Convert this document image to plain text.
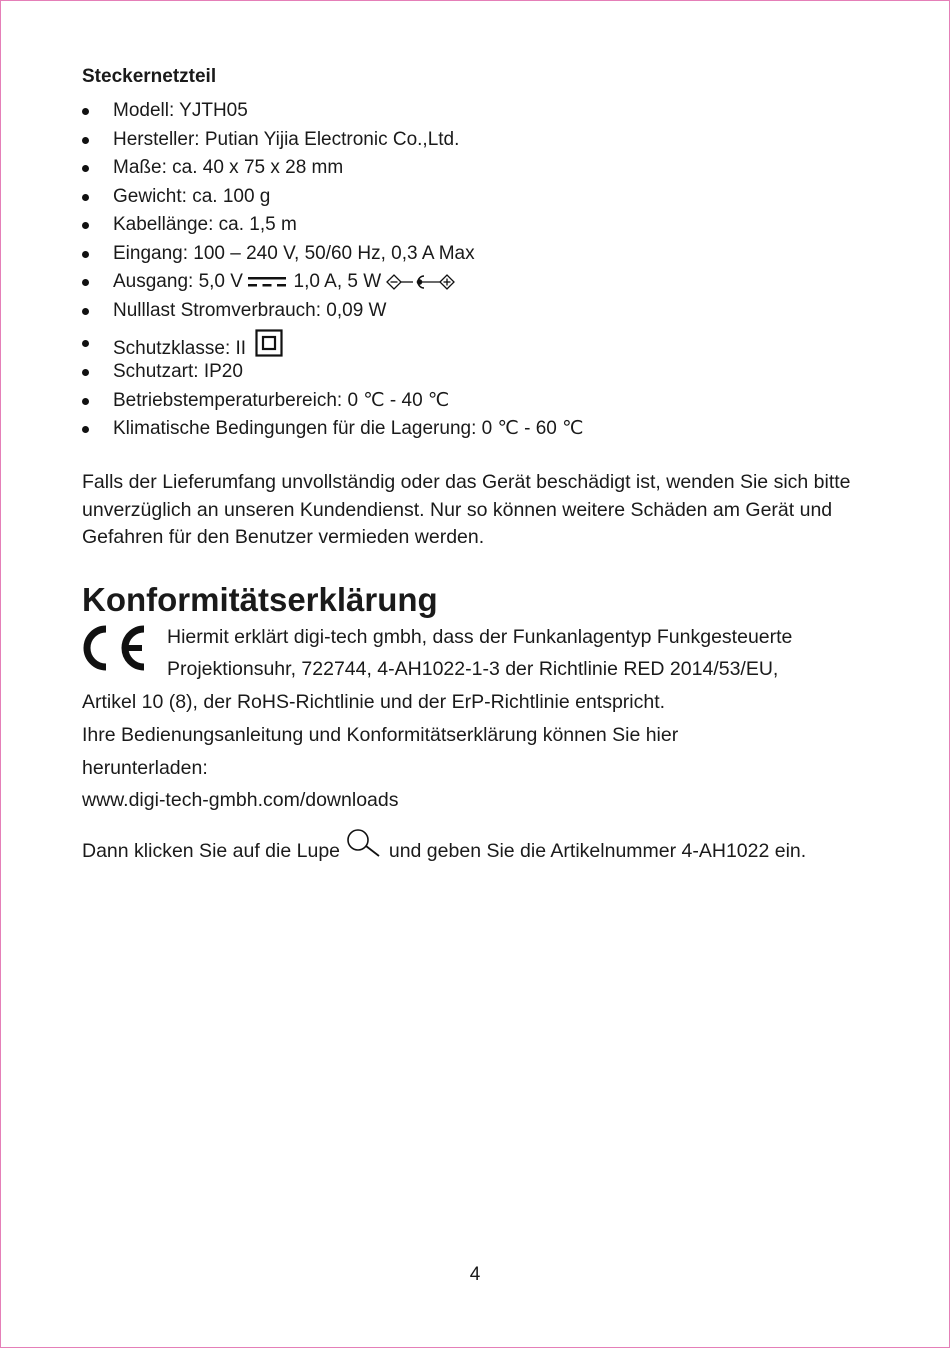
Steckernetzteil
Modell: YJTH05
Hersteller: Putian Yijia Electronic Co.,Ltd.
Maße: ca. 40 x 75 x 28 mm
Gewicht: ca. 100 g
Kabellänge: ca. 1,5 m
Eingang: 100 – 240 V, 50/60 Hz, 0,3 A Max
Ausgang: 5,0 V	1,0 A, 5 W
Nulllast Stromverbrauch: 0,09 W
Schutzklasse: II
Schutzart: IP20
Betriebstemperaturbereich: 0 ℃ - 40 ℃
Klimatische Bedingungen für die Lagerung: 0 ℃ - 60 ℃

Falls der Lieferumfang unvollständig oder das Gerät beschädigt ist, wenden Sie sich bitte unverzüglich an unseren Kundendienst. Nur so können weitere Schäden am Gerät und Gefahren für den Benutzer vermieden werden.

Konformitätserklärung
Hiermit erklärt digi-tech gmbh, dass der Funkanlagentyp Funkgesteuerte
Projektionsuhr, 722744, 4-AH1022-1-3 der Richtlinie RED 2014/53/EU,
Artikel 10 (8), der RoHS-Richtlinie und der ErP-Richtlinie entspricht.
Ihre Bedienungsanleitung und Konformitätserklärung können Sie hier
herunterladen:
www.digi-tech-gmbh.com/downloads
Dann klicken Sie auf die Lupe	und geben Sie die Artikelnummer 4-AH1022 ein.
4
